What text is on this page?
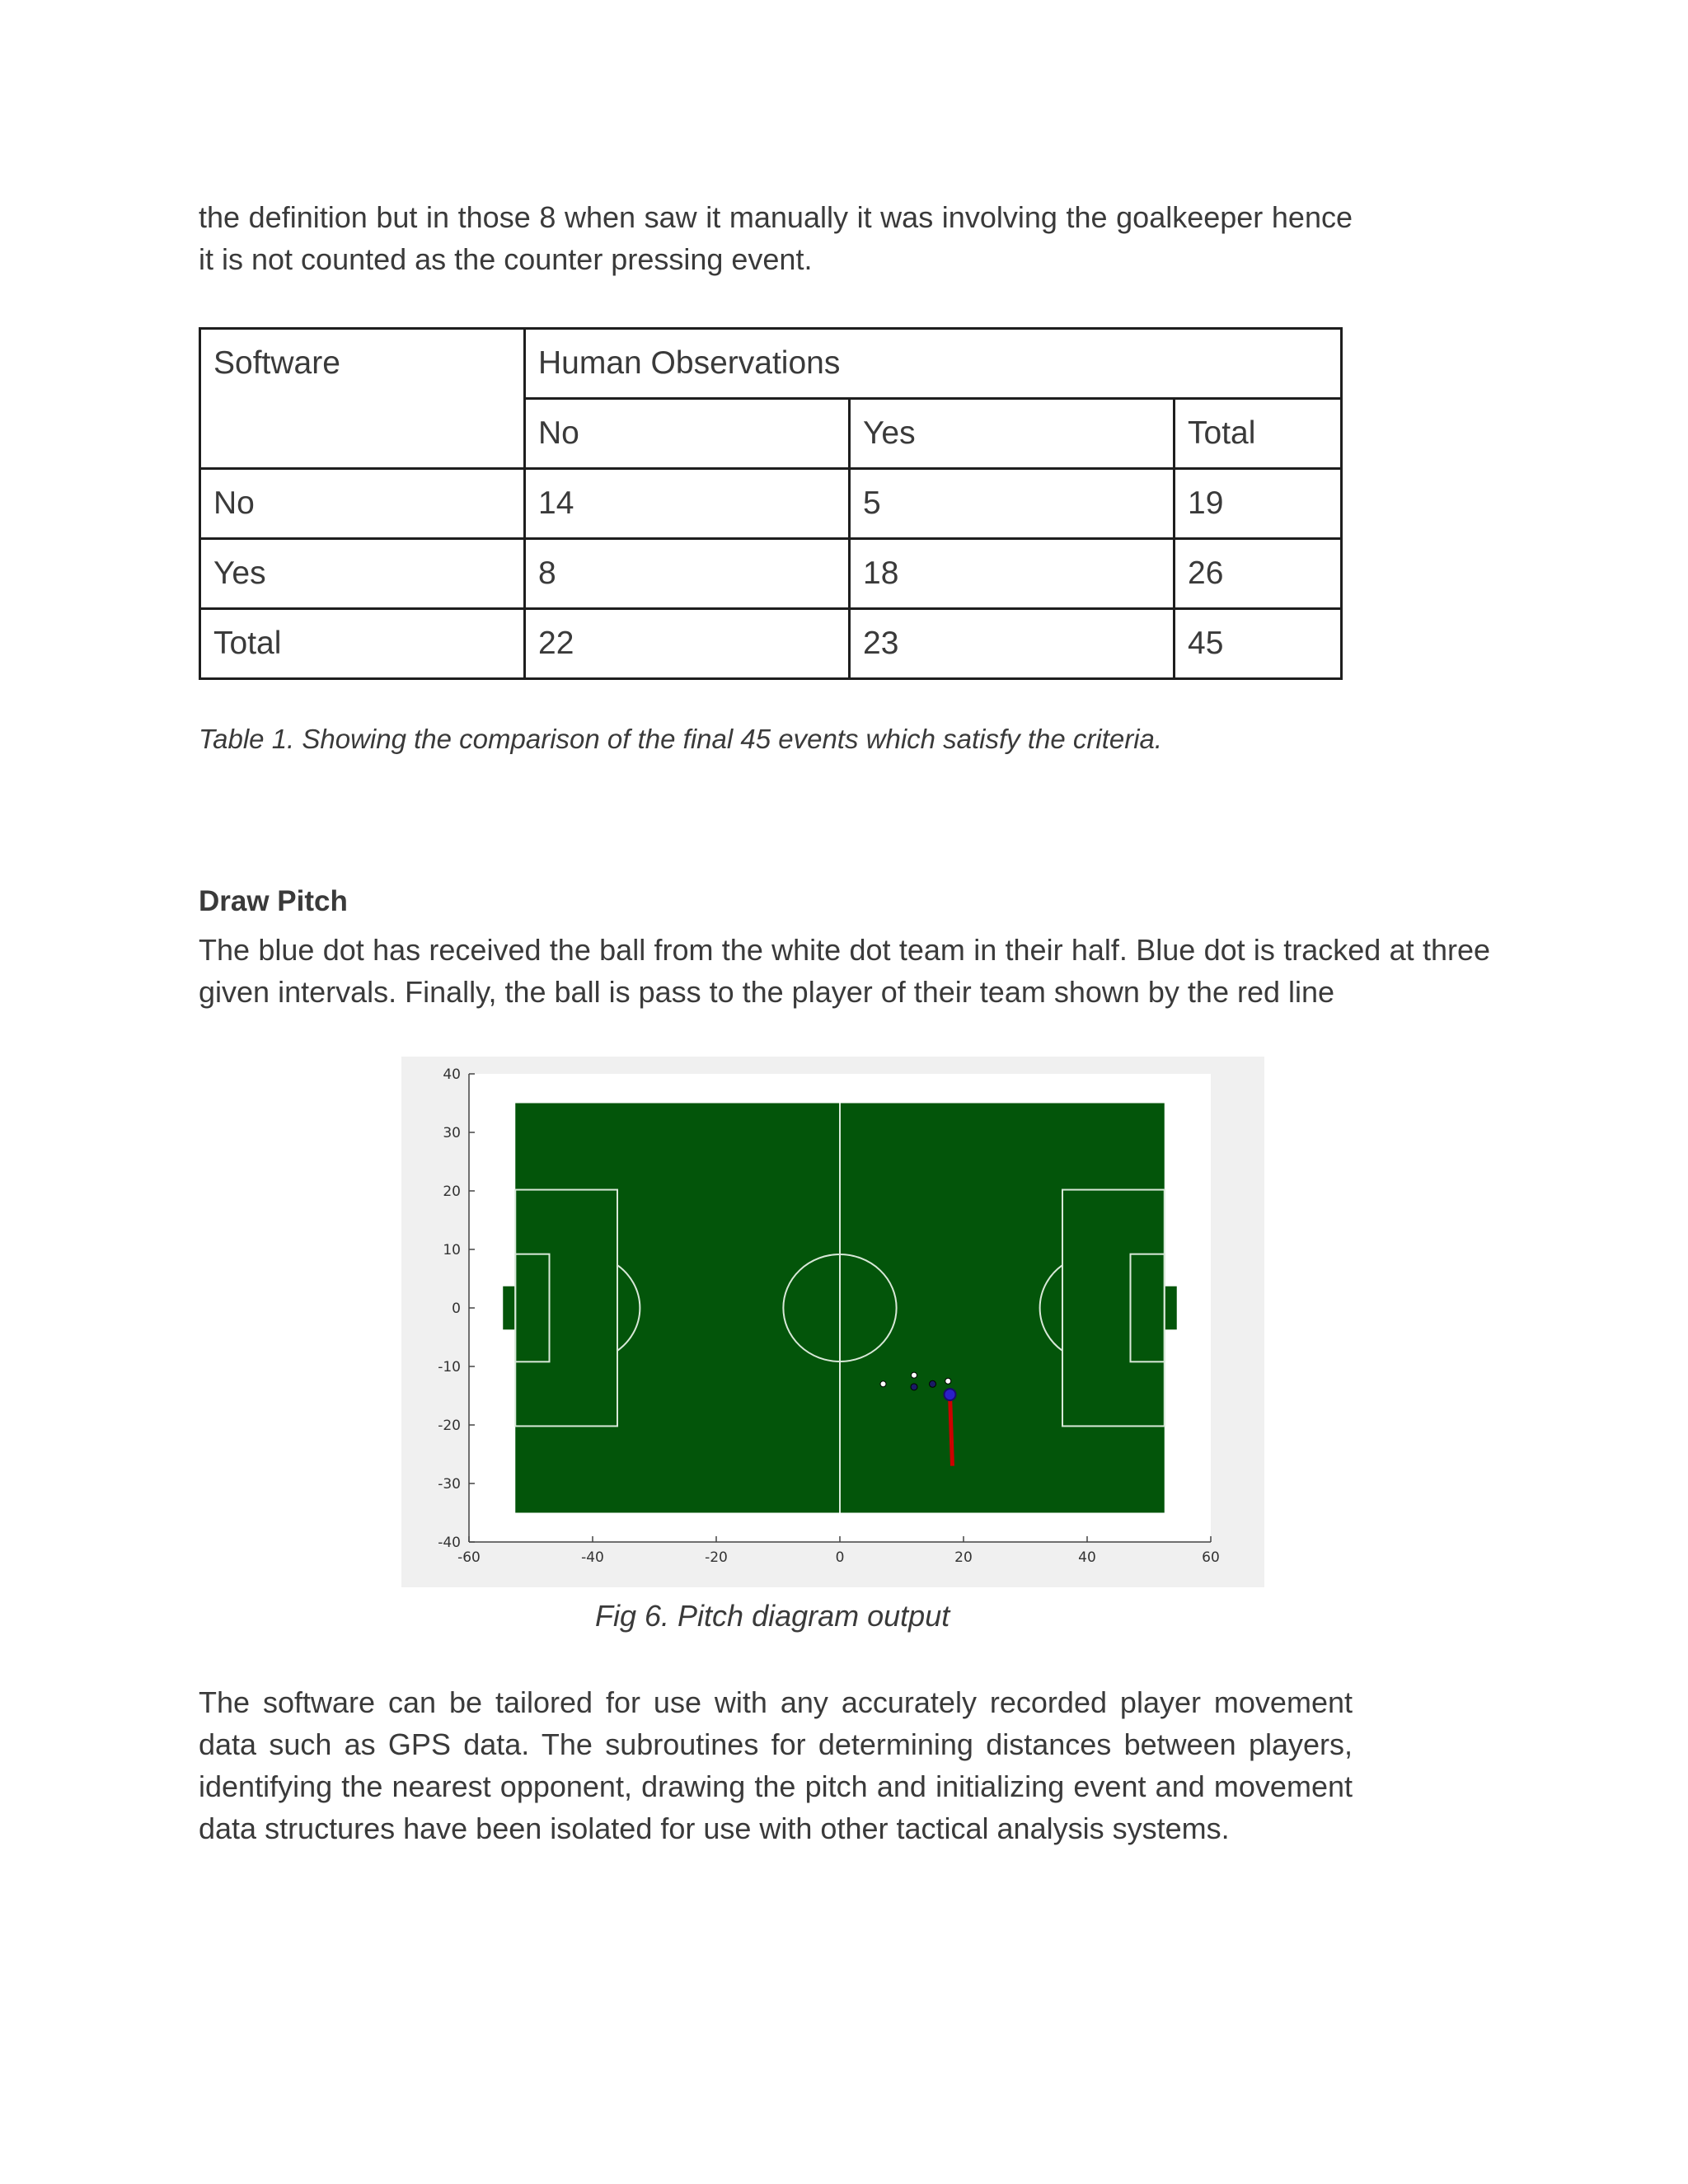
the definition but in those 8 when saw it manually it was involving the goalkeeper hence it is not counted as the counter pressing event.

Software	Human Observations		
	No	Yes	Total
No	14	5	19
Yes	8	18	26
Total	22	23	45

Table 1. Showing the comparison of the final 45 events which satisfy the criteria.

Draw Pitch

The blue dot has received the ball from the white dot team in their half. Blue dot is tracked at three given intervals. Finally, the ball is pass to the player of their team shown by the red line

40
30
20
10
0
-10
-20
-30
-40
-60	-40	-20	0	20	40	60

Fig 6. Pitch diagram output

The software can be tailored for use with any accurately recorded player movement data such as GPS data. The subroutines for determining distances between players, identifying the nearest opponent, drawing the pitch and initializing event and movement data structures have been isolated for use with other tactical analysis systems.
